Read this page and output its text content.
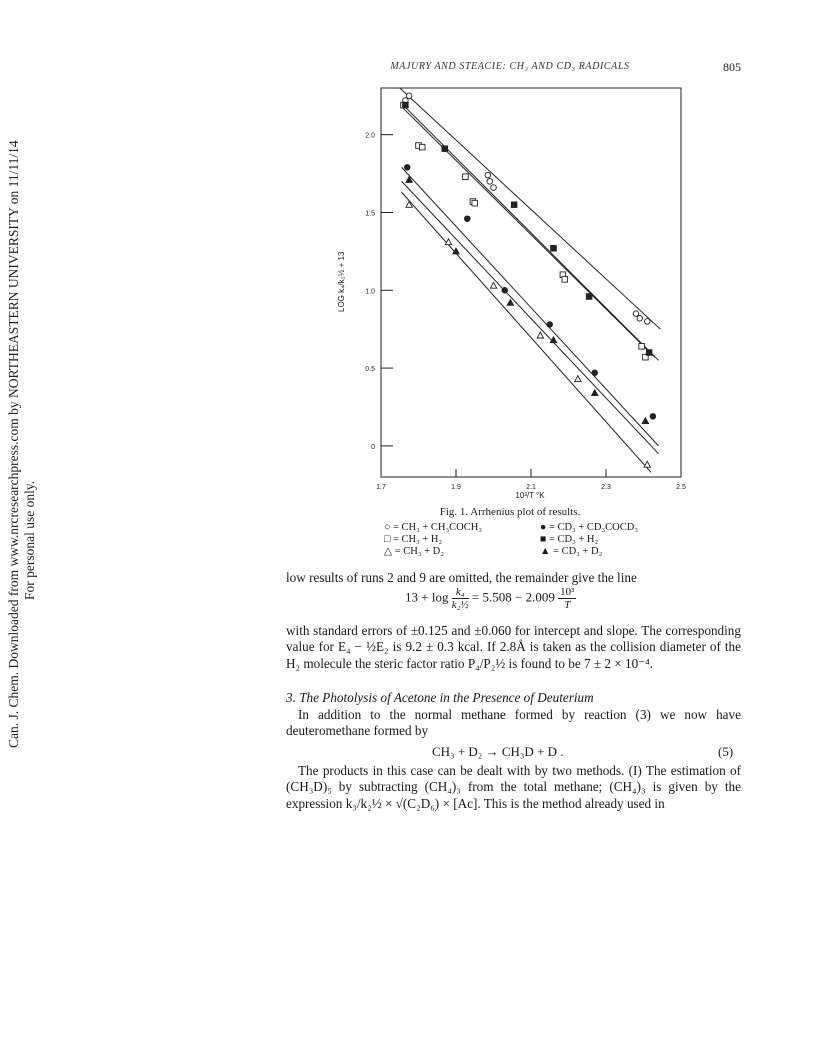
Can. J. Chem. Downloaded from www.nrcresearchpress.com by NORTHEASTERN UNIVERSITY on 11/11/14 For personal use only.
MAJURY AND STEACIE: CH₃ AND CD₃ RADICALS	805
1.7	1.9	2.1	2.3	2.5
0
0.5
1.0
1.5
2.0
LOG k₄/k₂½ + 13
10³/T °K
Fig. 1. Arrhenius plot of results.
○ = CH₃ + CH₃COCH₃
□ = CH₃ + H₂
△ = CH₃ + D₂
● = CD₃ + CD₃COCD₃
■ = CD₃ + H₂
▲ = CD₃ + D₂

low results of runs 2 and 9 are omitted, the remainder give the line

$13 + \log \frac{\text{k₄}}{\text{k₂½}} = 5.508 - 2.009 \frac{\text{10³}}{T}$

with standard errors of ±0.125 and ±0.060 for intercept and slope. The corresponding value for E₄ − ½E₂ is 9.2 ± 0.3 kcal. If 2.8Å is taken as the collision diameter of the H₂ molecule the steric factor ratio P₄/P₂½ is found to be 7 ± 2 × 10⁻⁴.

3. The Photolysis of Acetone in the Presence of Deuterium

In addition to the normal methane formed by reaction (3) we now have deuteromethane formed by

CH₃ + D₂ → CH₃D + D .	(5)

The products in this case can be dealt with by two methods. (I) The estimation of (CH₃D)₅ by subtracting (CH₄)₃ from the total methane; (CH₄)₃ is given by the expression k₃/k₂½ × √(C₂D₆) × [Ac]. This is the method already used in
